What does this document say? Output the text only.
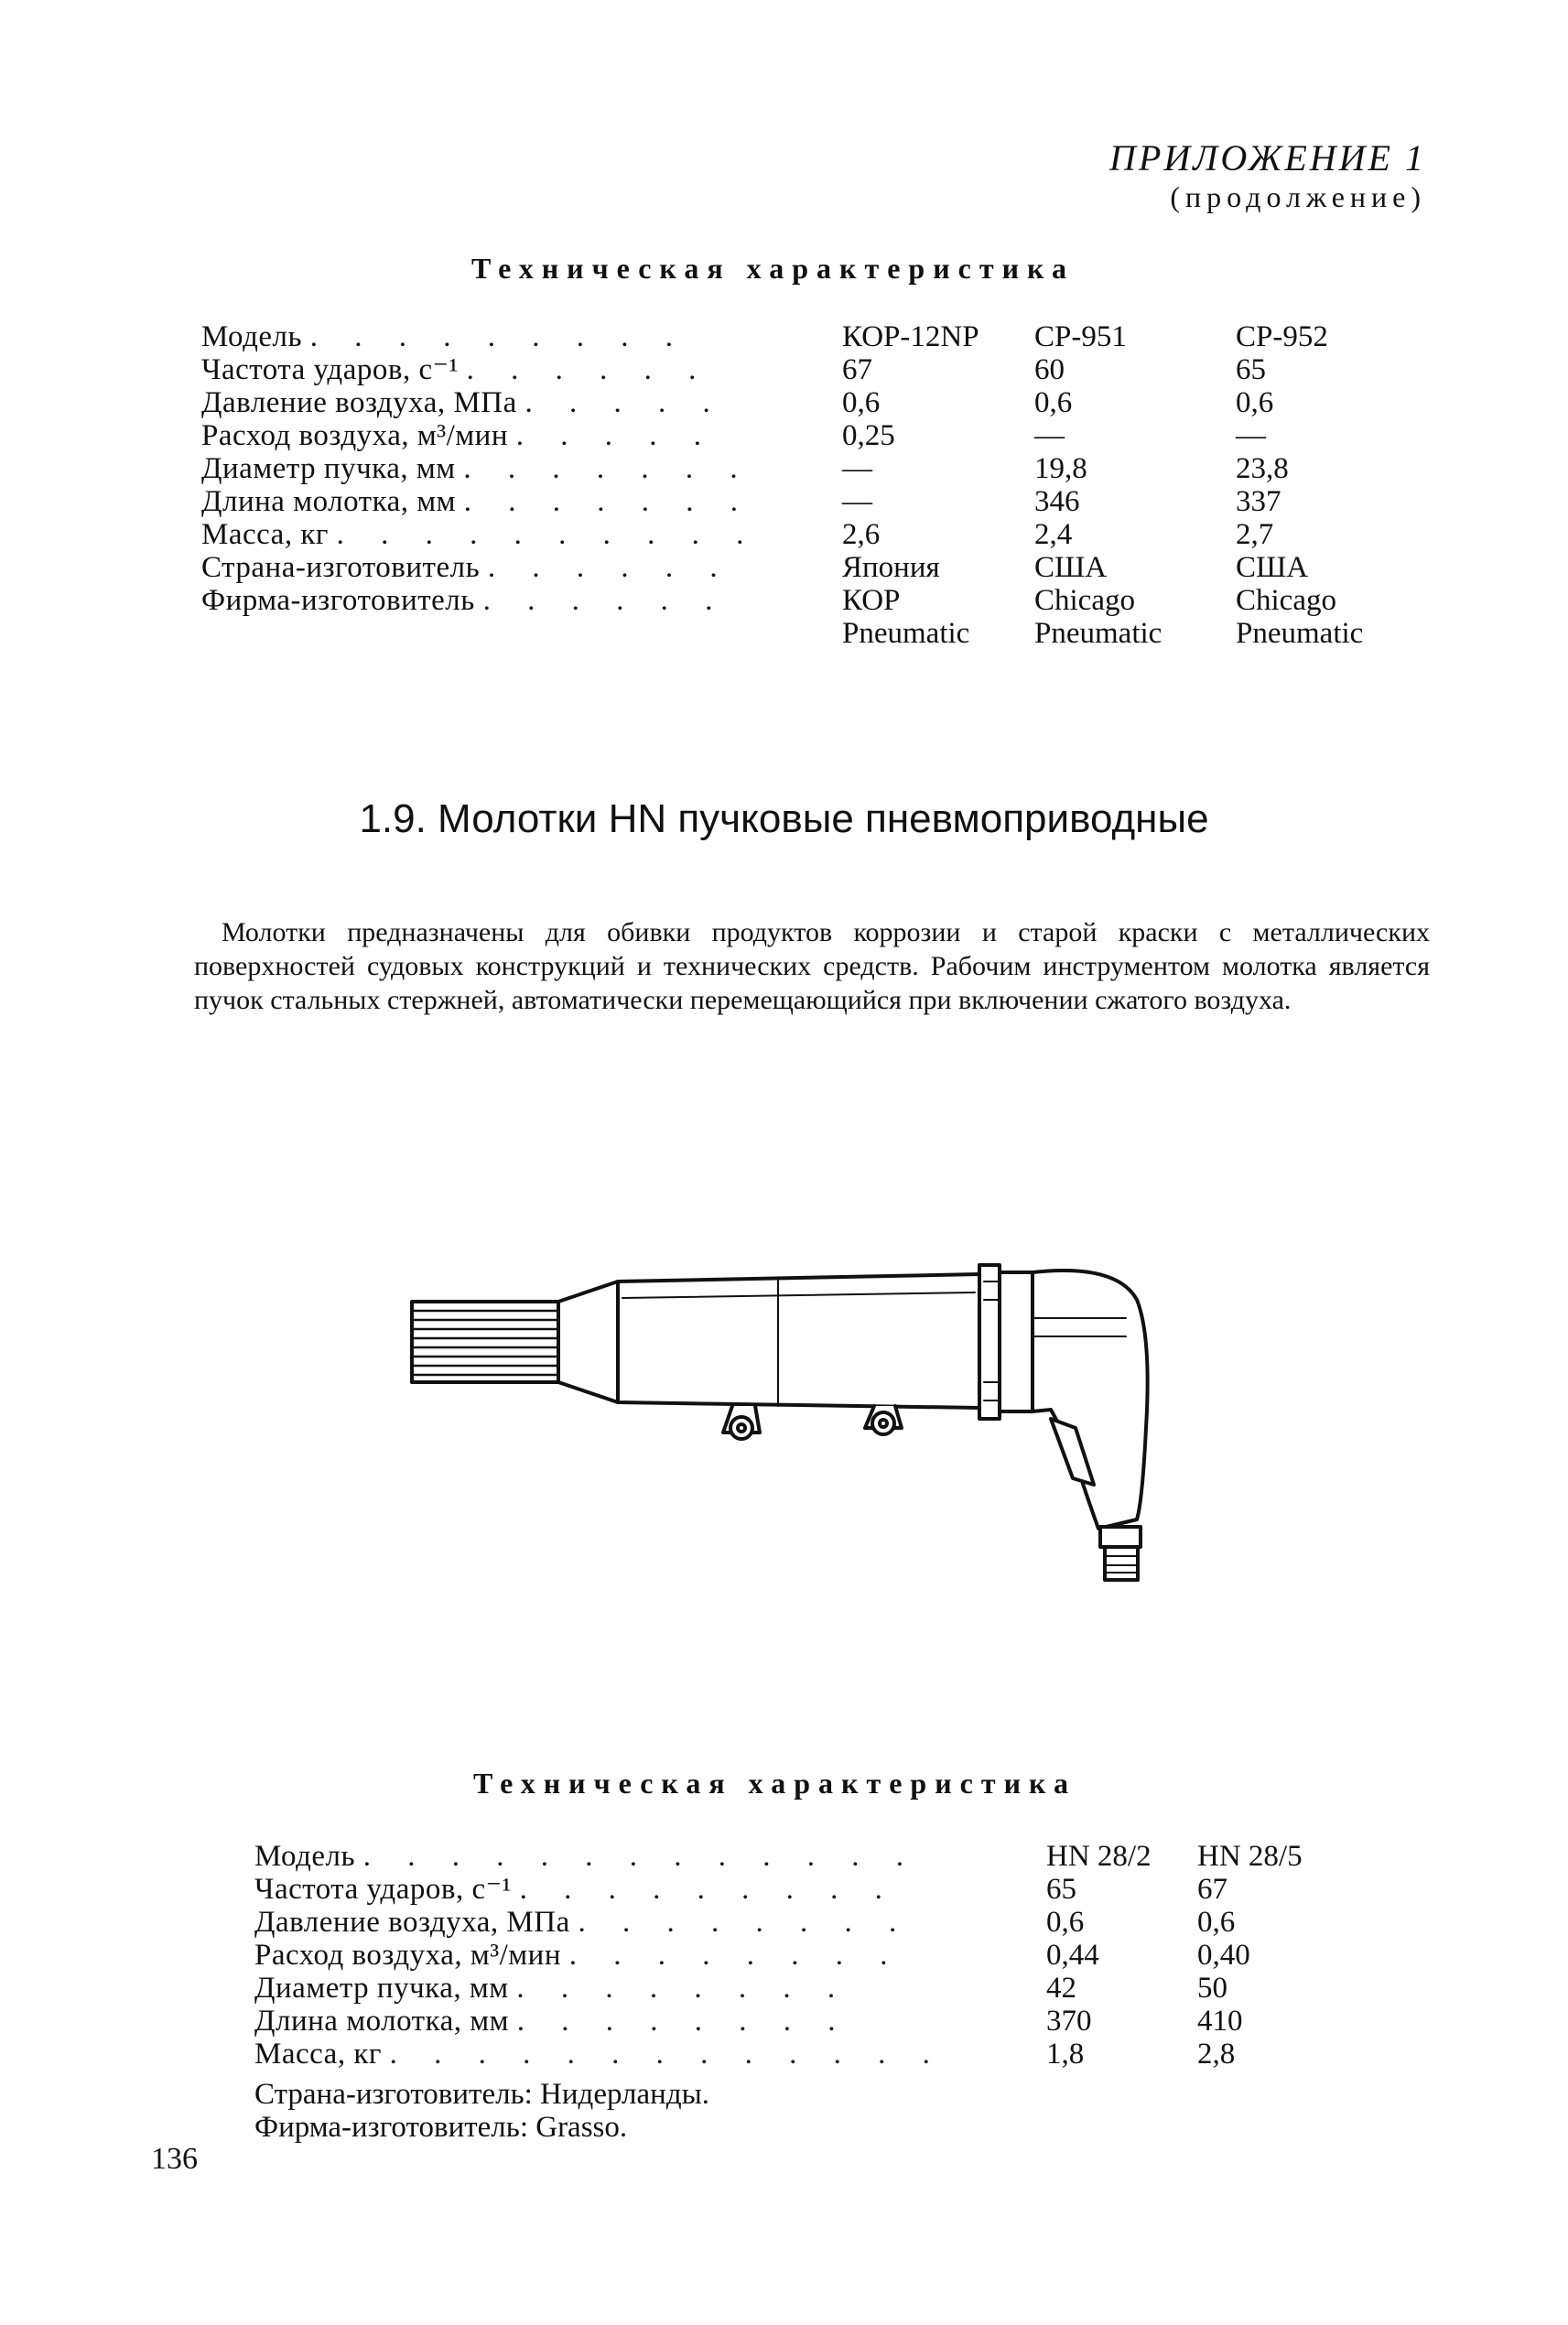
ПРИЛОЖЕНИЕ 1
(продолжение)
Техническая характеристика
Модель . . . . . . . . .	КОР-12NP	CP-951	CP-952
Частота ударов, с⁻¹ . . . . . .	67	60	65
Давление воздуха, МПа . . . . .	0,6	0,6	0,6
Расход воздуха, м³/мин . . . . .	0,25	—	—
Диаметр пучка, мм . . . . . . .	—	19,8	23,8
Длина молотка, мм . . . . . . .	—	346	337
Масса, кг . . . . . . . . . .	2,6	2,4	2,7
Страна-изготовитель . . . . . .	Япония	США	США
Фирма-изготовитель . . . . . .	КОР	Chicago	Chicago
	Pneumatic	Pneumatic	Pneumatic
1.9. Молотки HN пучковые пневмоприводные

Молотки предназначены для обивки продуктов коррозии и старой краски с металлических поверхностей судовых конструкций и технических средств. Рабочим инструментом молотка является пучок стальных стержней, автоматически перемещающийся при включении сжатого воздуха.

Техническая характеристика
Модель . . . . . . . . . . . . .	HN 28/2	HN 28/5
Частота ударов, с⁻¹ . . . . . . . . .	65	67
Давление воздуха, МПа . . . . . . . .	0,6	0,6
Расход воздуха, м³/мин . . . . . . . .	0,44	0,40
Диаметр пучка, мм . . . . . . . .	42	50
Длина молотка, мм . . . . . . . .	370	410
Масса, кг . . . . . . . . . . . . .	1,8	2,8
Страна-изготовитель: Нидерланды.
Фирма-изготовитель: Grasso.
136
